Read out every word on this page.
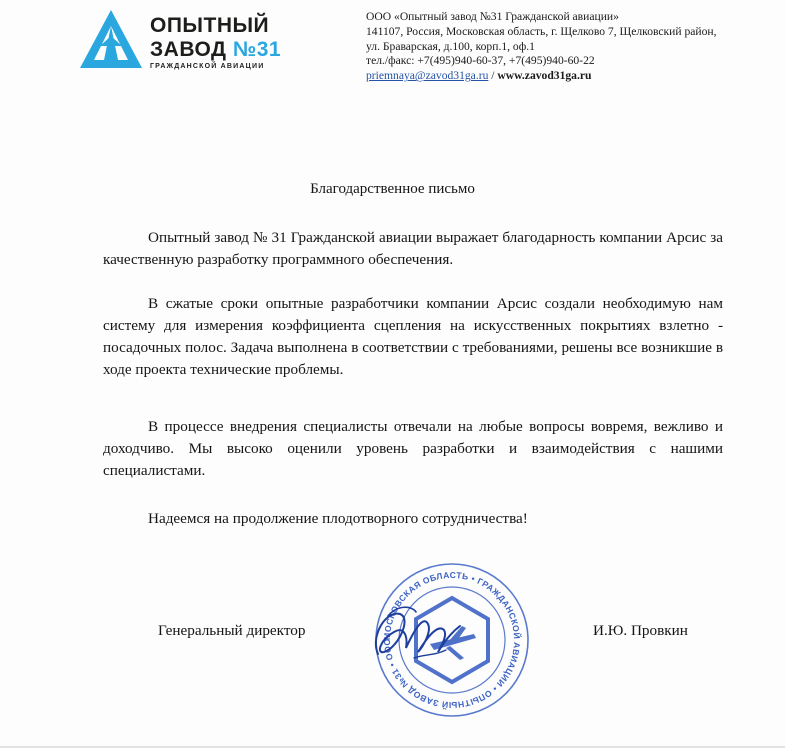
ОПЫТНЫЙ
ЗАВОД №31
ГРАЖДАНСКОЙ АВИАЦИИ
ООО «Опытный завод №31 Гражданской авиации»
141107, Россия, Московская область, г. Щелково 7, Щелковский район,
ул. Браварская, д.100, корп.1, оф.1
тел./факс: +7(495)940-60-37, +7(495)940-60-22
priemnaya@zavod31ga.ru / www.zavod31ga.ru
Благодарственное письмо
Опытный завод № 31 Гражданской авиации выражает благодарность компании Арсис за качественную разработку программного обеспечения.
В сжатые сроки опытные разработчики компании Арсис создали необходимую нам систему для измерения коэффициента сцепления на искусственных покрытиях взлетно - посадочных полос. Задача выполнена в соответствии с требованиями, решены все возникшие в ходе проекта технические проблемы.
В процессе внедрения специалисты отвечали на любые вопросы вовремя, вежливо и доходчиво. Мы высоко оценили уровень разработки и взаимодействия с нашими специалистами.
Надеемся на продолжение плодотворного сотрудничества!
МОСКОВСКАЯ ОБЛАСТЬ • ГРАЖДАНСКОЙ АВИАЦИИ • ОПЫТНЫЙ ЗАВОД №31 • ООО
Генеральный директор	И.Ю. Провкин
